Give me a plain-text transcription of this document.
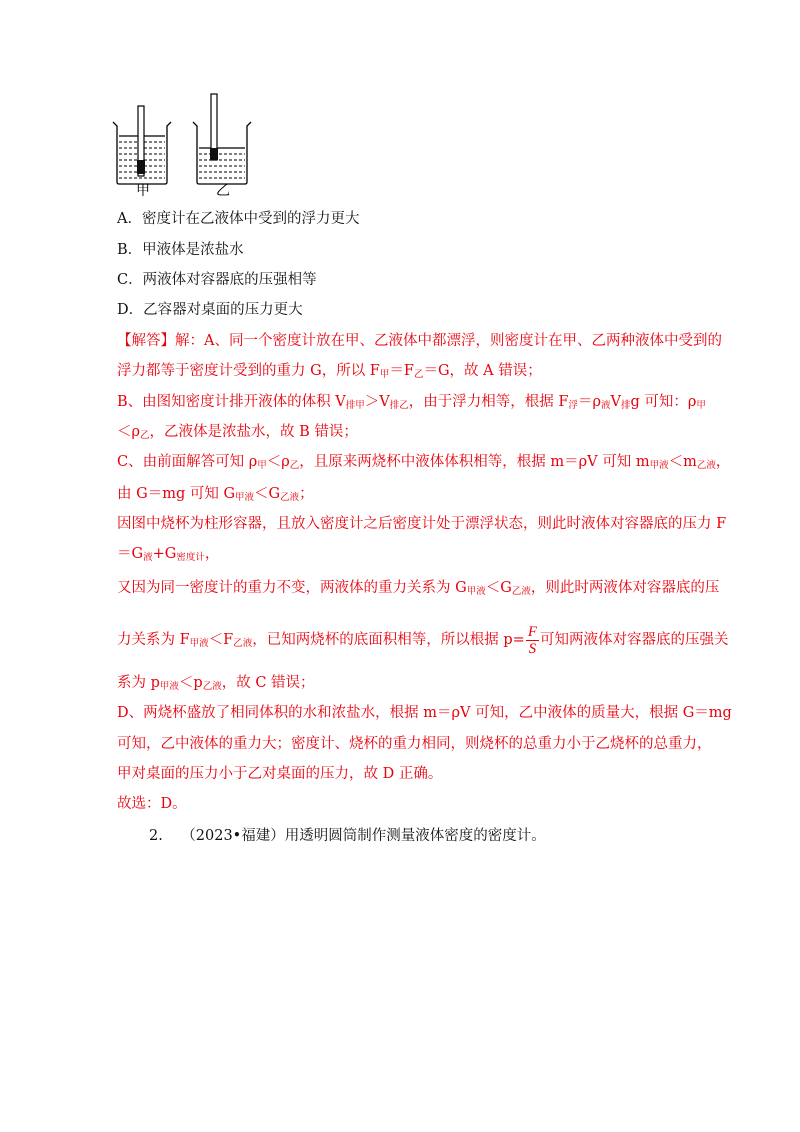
甲	乙
A．密度计在乙液体中受到的浮力更大
B．甲液体是浓盐水
C．两液体对容器底的压强相等
D．乙容器对桌面的压力更大
【解答】解：A、同一个密度计放在甲、乙液体中都漂浮，则密度计在甲、乙两种液体中受到的
浮力都等于密度计受到的重力 G，所以 $F_甲=F_乙=G$，故 A 错误；
B、由图知密度计排开液体的体积 $V_{排甲}>V_{排乙}$，由于浮力相等，根据 $F_浮=\rho_液V_排g$ 可知：$\rho_甲$
$<\rho_乙$，乙液体是浓盐水，故 B 错误；
C、由前面解答可知 $\rho_甲<\rho_乙$，且原来两烧杯中液体体积相等，根据 m＝ρV 可知 $m_{甲液}<m_{乙液}$，
由 G＝mg 可知 $G_{甲液}<G_{乙液}$；
因图中烧杯为柱形容器，且放入密度计之后密度计处于漂浮状态，则此时液体对容器底的压力 F
$=G_液+G_{密度计}$，
又因为同一密度计的重力不变，两液体的重力关系为 $G_{甲液}<G_{乙液}$，则此时两液体对容器底的压
力关系为 $F_{甲液}<F_{乙液}$，已知两烧杯的底面积相等，所以根据 $p= \frac{F}{S}$ 可知两液体对容器底的压强关
系为 $p_{甲液}<p_{乙液}$，故 C 错误；
D、两烧杯盛放了相同体积的水和浓盐水，根据 m＝ρV 可知，乙中液体的质量大，根据 G＝mg
可知，乙中液体的重力大；密度计、烧杯的重力相同，则烧杯的总重力小于乙烧杯的总重力，
甲对桌面的压力小于乙对桌面的压力，故 D 正确。
故选：D。
2. （2023•福建）用透明圆筒制作测量液体密度的密度计。
